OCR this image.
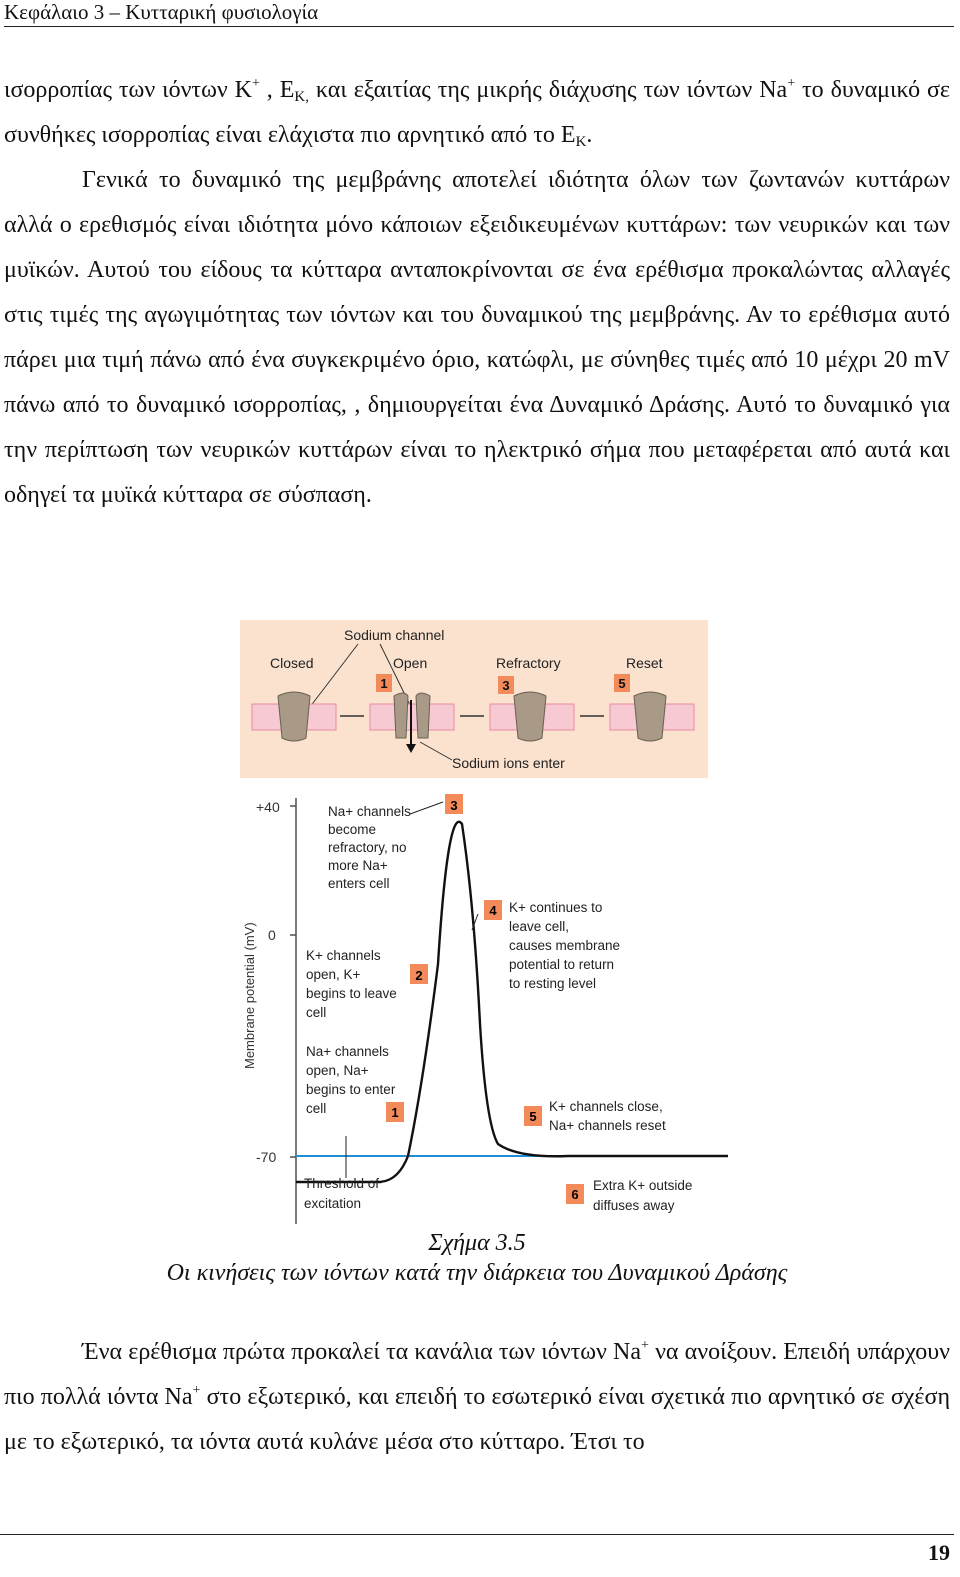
Κεφάλαιο 3 – Κυτταρική φυσιολογία

ισορροπίας των ιόντων K+ , $E_{K,}$ και εξαιτίας της μικρής διάχυσης των ιόντων Na+ το δυναμικό σε συνθήκες ισορροπίας είναι ελάχιστα πιο αρνητικό από το $E_K$.

Γενικά το δυναμικό της μεμβράνης αποτελεί ιδιότητα όλων των ζωντανών κυττάρων αλλά ο ερεθισμός είναι ιδιότητα μόνο κάποιων εξειδικευμένων κυττάρων: των νευρικών και των μυϊκών. Αυτού του είδους τα κύτταρα ανταποκρίνονται σε ένα ερέθισμα προκαλώντας αλλαγές στις τιμές της αγωγιμότητας των ιόντων και του δυναμικού της μεμβράνης. Αν το ερέθισμα αυτό πάρει μια τιμή πάνω από ένα συγκεκριμένο όριο, κατώφλι, με σύνηθες τιμές από 10 μέχρι 20 mV πάνω από το δυναμικό ισορροπίας, , δημιουργείται ένα Δυναμικό Δράσης. Αυτό το δυναμικό για την περίπτωση των νευρικών κυττάρων είναι το ηλεκτρικό σήμα που μεταφέρεται από αυτά και οδηγεί τα μυϊκά κύτταρα σε σύσπαση.

Sodium channel
Sodium ions enter
Closed	Open	Refractory	Reset
1	3	5
+40
0
-70
Membrane potential (mV)
3
Na+ channels become refractory, no more Na+ enters cell
4 K+ continues to leave cell, causes membrane potential to return to resting level
2
K+ channels open, K+ begins to leave cell
1
Na+ channels open, Na+ begins to enter cell
5
K+ channels close, Na+ channels reset
6
Extra K+ outside diffuses away
Threshold of excitation
Σχήμα 3.5
Οι κινήσεις των ιόντων κατά την διάρκεια του Δυναμικού Δράσης

Ένα ερέθισμα πρώτα προκαλεί τα κανάλια των ιόντων Na+ να ανοίξουν. Επειδή υπάρχουν πιο πολλά ιόντα Na+ στο εξωτερικό, και επειδή το εσωτερικό είναι σχετικά πιο αρνητικό σε σχέση με το εξωτερικό, τα ιόντα αυτά κυλάνε μέσα στο κύτταρο. Έτσι το

19
